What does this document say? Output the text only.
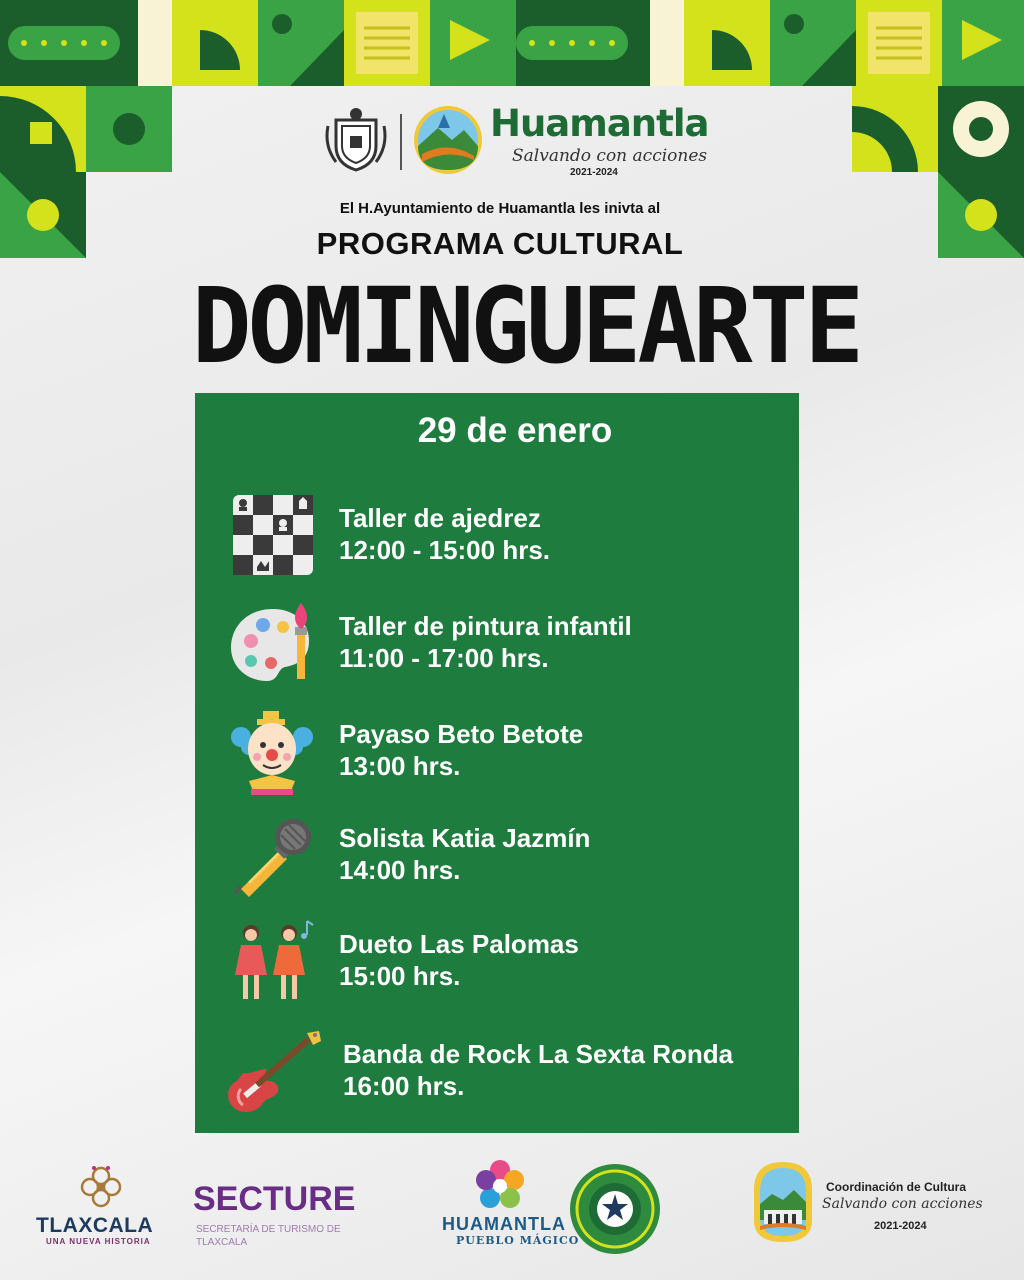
Huamantla
Salvando con acciones
2021-2024
El H.Ayuntamiento de Huamantla les inivta al
PROGRAMA CULTURAL
DOMINGUEARTE
29 de enero
Taller de ajedrez
12:00 - 15:00 hrs.
Taller de pintura infantil
11:00 - 17:00 hrs.
Payaso Beto Betote
13:00 hrs.
Solista Katia Jazmín
14:00 hrs.
Dueto Las Palomas
15:00 hrs.
Banda de Rock La Sexta Ronda
16:00 hrs.
TLAXCALA
UNA NUEVA HISTORIA
SECTURE
SECRETARÍA DE TURISMO DE TLAXCALA
HUAMANTLA
PUEBLO MÁGICO
Coordinación de Cultura
Salvando con acciones
2021-2024
